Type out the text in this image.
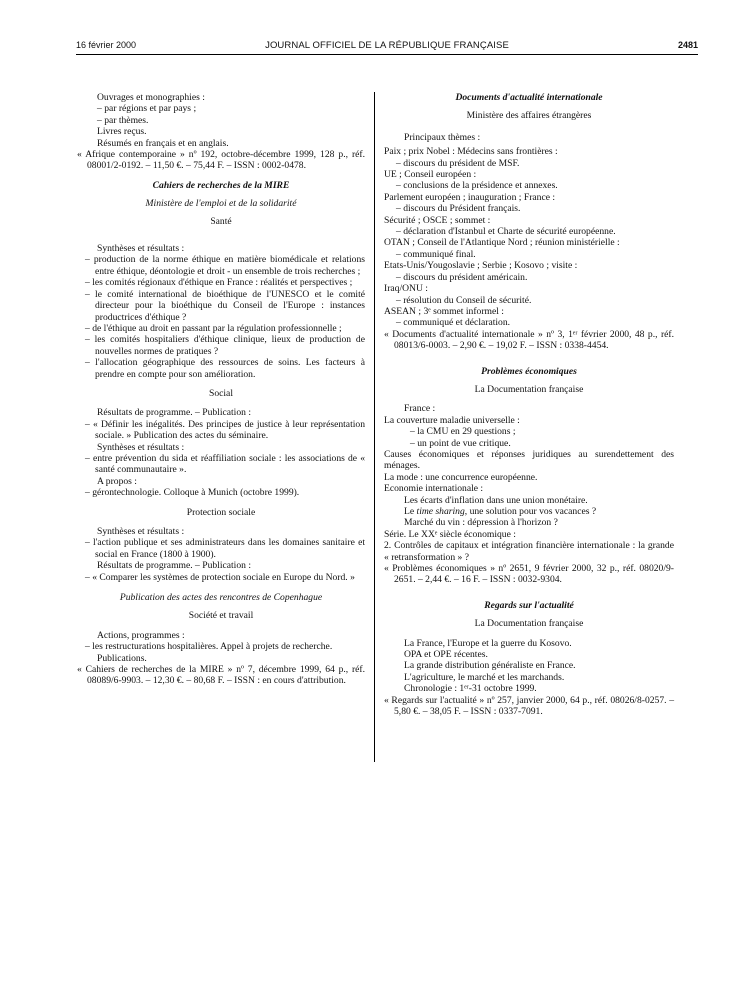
16 février 2000	JOURNAL OFFICIEL DE LA RÉPUBLIQUE FRANÇAISE	2481
Ouvrages et monographies :
– par régions et par pays ;
– par thèmes.
Livres reçus.
Résumés en français et en anglais.
« Afrique contemporaine » nº 192, octobre-décembre 1999, 128 p., réf. 08001/2-0192. – 11,50 €. – 75,44 F. – ISSN : 0002-0478.
Cahiers de recherches de la MIRE
Ministère de l'emploi et de la solidarité
Santé
Synthèses et résultats :
– production de la norme éthique en matière biomédicale et relations entre éthique, déontologie et droit - un ensemble de trois recherches ;
– les comités régionaux d'éthique en France : réalités et perspectives ;
– le comité international de bioéthique de l'UNESCO et le comité directeur pour la bioéthique du Conseil de l'Europe : instances productrices d'éthique ?
– de l'éthique au droit en passant par la régulation professionnelle ;
– les comités hospitaliers d'éthique clinique, lieux de production de nouvelles normes de pratiques ?
– l'allocation géographique des ressources de soins. Les facteurs à prendre en compte pour son amélioration.
Social
Résultats de programme. – Publication :
– « Définir les inégalités. Des principes de justice à leur représentation sociale. » Publication des actes du séminaire.
Synthèses et résultats :
– entre prévention du sida et réaffiliation sociale : les associations de « santé communautaire ».
A propos :
– gérontechnologie. Colloque à Munich (octobre 1999).
Protection sociale
Synthèses et résultats :
– l'action publique et ses administrateurs dans les domaines sanitaire et social en France (1800 à 1900).
Résultats de programme. – Publication :
– « Comparer les systèmes de protection sociale en Europe du Nord. »
Publication des actes des rencontres de Copenhague
Société et travail
Actions, programmes :
– les restructurations hospitalières. Appel à projets de recherche.
Publications.
« Cahiers de recherches de la MIRE » nº 7, décembre 1999, 64 p., réf. 08089/6-9903. – 12,30 €. – 80,68 F. – ISSN : en cours d'attribution.
Documents d'actualité internationale
Ministère des affaires étrangères
Principaux thèmes :
Paix ; prix Nobel : Médecins sans frontières :
– discours du président de MSF.
UE ; Conseil européen :
– conclusions de la présidence et annexes.
Parlement européen ; inauguration ; France :
– discours du Président français.
Sécurité ; OSCE ; sommet :
– déclaration d'Istanbul et Charte de sécurité européenne.
OTAN ; Conseil de l'Atlantique Nord ; réunion ministérielle :
– communiqué final.
Etats-Unis/Yougoslavie ; Serbie ; Kosovo ; visite :
– discours du président américain.
Iraq/ONU :
– résolution du Conseil de sécurité.
ASEAN ; 3ᵉ sommet informel :
– communiqué et déclaration.
« Documents d'actualité internationale » nº 3, 1ᵉʳ février 2000, 48 p., réf. 08013/6-0003. – 2,90 €. – 19,02 F. – ISSN : 0338-4454.
Problèmes économiques
La Documentation française
France :
La couverture maladie universelle :
– la CMU en 29 questions ;
– un point de vue critique.
Causes économiques et réponses juridiques au surendettement des ménages.
La mode : une concurrence européenne.
Economie internationale :
Les écarts d'inflation dans une union monétaire.
Le time sharing, une solution pour vos vacances ?
Marché du vin : dépression à l'horizon ?
Série. Le XXᵉ siècle économique :
2. Contrôles de capitaux et intégration financière internationale : la grande « retransformation » ?
« Problèmes économiques » nº 2651, 9 février 2000, 32 p., réf. 08020/9-2651. – 2,44 €. – 16 F. – ISSN : 0032-9304.
Regards sur l'actualité
La Documentation française
La France, l'Europe et la guerre du Kosovo.
OPA et OPE récentes.
La grande distribution généraliste en France.
L'agriculture, le marché et les marchands.
Chronologie : 1ᵉʳ-31 octobre 1999.
« Regards sur l'actualité » nº 257, janvier 2000, 64 p., réf. 08026/8-0257. – 5,80 €. – 38,05 F. – ISSN : 0337-7091.
